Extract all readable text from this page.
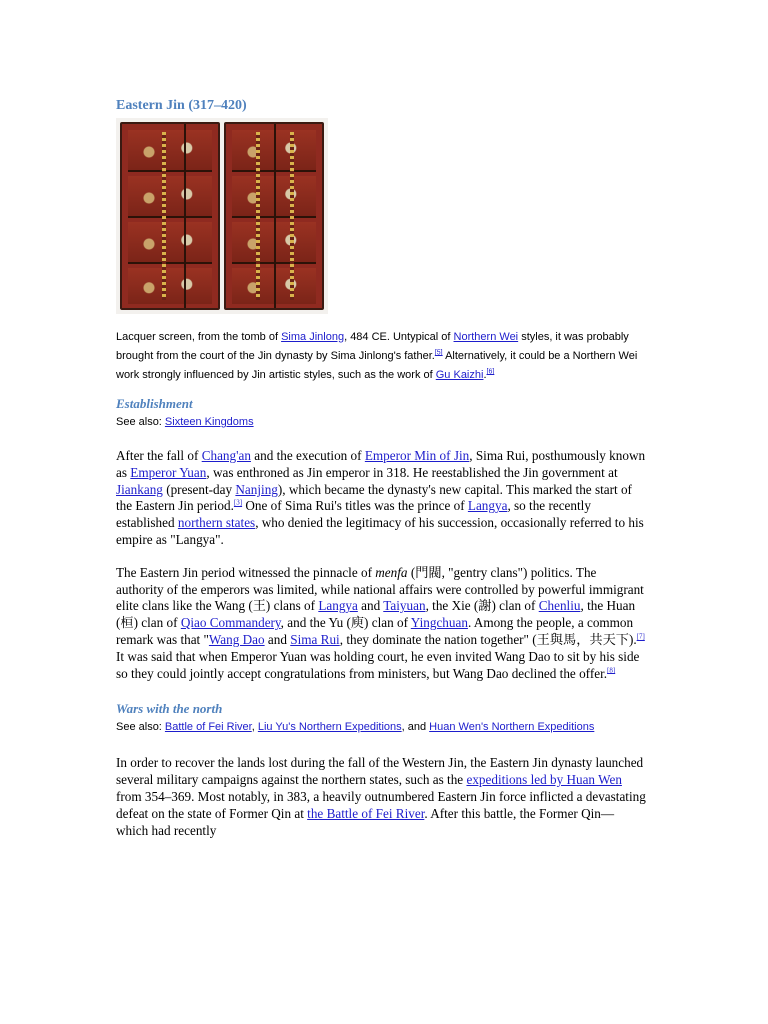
Eastern Jin (317–420)

Lacquer screen, from the tomb of Sima Jinlong, 484 CE. Untypical of Northern Wei styles, it was probably brought from the court of the Jin dynasty by Sima Jinlong's father.[5] Alternatively, it could be a Northern Wei work strongly influenced by Jin artistic styles, such as the work of Gu Kaizhi.[6]

Establishment

See also: Sixteen Kingdoms

After the fall of Chang'an and the execution of Emperor Min of Jin, Sima Rui, posthumously known as Emperor Yuan, was enthroned as Jin emperor in 318. He reestablished the Jin government at Jiankang (present-day Nanjing), which became the dynasty's new capital. This marked the start of the Eastern Jin period.[3] One of Sima Rui's titles was the prince of Langya, so the recently established northern states, who denied the legitimacy of his succession, occasionally referred to his empire as "Langya".

The Eastern Jin period witnessed the pinnacle of menfa (門閥, "gentry clans") politics. The authority of the emperors was limited, while national affairs were controlled by powerful immigrant elite clans like the Wang (王) clans of Langya and Taiyuan, the Xie (謝) clan of Chenliu, the Huan (桓) clan of Qiao Commandery, and the Yu (庾) clan of Yingchuan. Among the people, a common remark was that "Wang Dao and Sima Rui, they dominate the nation together" (王與馬，共天下).[7] It was said that when Emperor Yuan was holding court, he even invited Wang Dao to sit by his side so they could jointly accept congratulations from ministers, but Wang Dao declined the offer.[8]

Wars with the north

See also: Battle of Fei River, Liu Yu's Northern Expeditions, and Huan Wen's Northern Expeditions

In order to recover the lands lost during the fall of the Western Jin, the Eastern Jin dynasty launched several military campaigns against the northern states, such as the expeditions led by Huan Wen from 354–369. Most notably, in 383, a heavily outnumbered Eastern Jin force inflicted a devastating defeat on the state of Former Qin at the Battle of Fei River. After this battle, the Former Qin—which had recently
